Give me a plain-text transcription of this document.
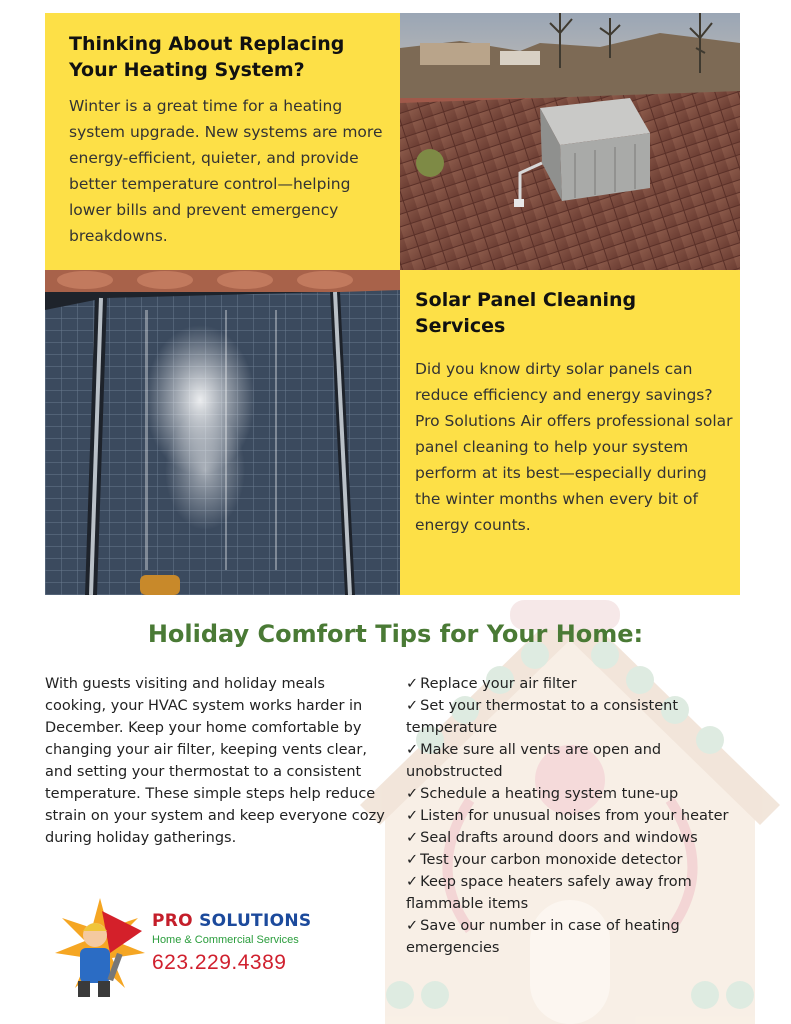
Thinking About Replacing Your Heating System?

Winter is a great time for a heating system upgrade. New systems are more energy-efficient, quieter, and provide better temperature control—helping lower bills and prevent emergency breakdowns.

Solar Panel Cleaning Services

Did you know dirty solar panels can reduce efficiency and energy savings? Pro Solutions Air offers professional solar panel cleaning to help your system perform at its best—especially during the winter months when every bit of energy counts.

Holiday Comfort Tips for Your Home:
With guests visiting and holiday meals cooking, your HVAC system works harder in December. Keep your home comfortable by changing your air filter, keeping vents clear, and setting your thermostat to a consistent temperature. These simple steps help reduce strain on your system and keep everyone cozy during holiday gatherings.
✓ Replace your air filter
✓ Set your thermostat to a consistent temperature
✓ Make sure all vents are open and unobstructed
✓ Schedule a heating system tune-up
✓ Listen for unusual noises from your heater
✓ Seal drafts around doors and windows
✓ Test your carbon monoxide detector
✓ Keep space heaters safely away from flammable items
✓ Save our number in case of heating emergencies
PRO SOLUTIONS
Home & Commercial Services
623.229.4389
